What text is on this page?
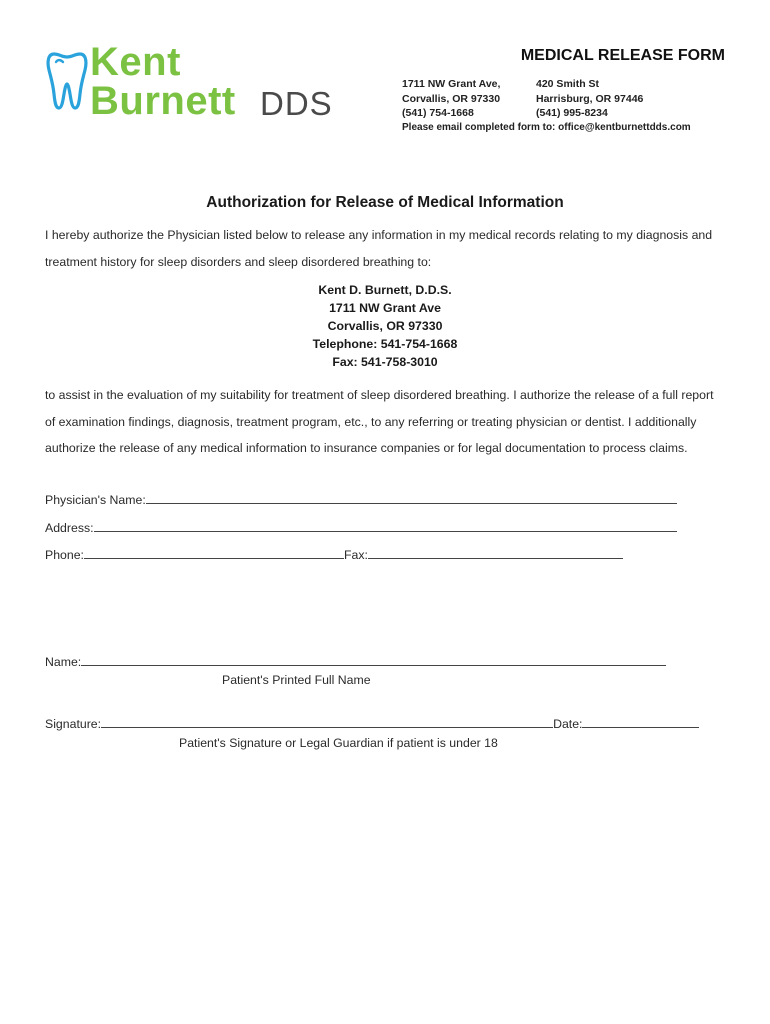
Kent
Burnett DDS
MEDICAL RELEASE FORM
1711 NW Grant Ave,
Corvallis, OR 97330
(541) 754-1668
420 Smith St
Harrisburg, OR 97446
(541) 995-8234
Please email completed form to: office@kentburnettdds.com
Authorization for Release of Medical Information
I hereby authorize the Physician listed below to release any information in my medical records relating to my diagnosis and
treatment history for sleep disorders and sleep disordered breathing to:
Kent D. Burnett, D.D.S.
1711 NW Grant Ave
Corvallis, OR 97330
Telephone: 541-754-1668
Fax: 541-758-3010
to assist in the evaluation of my suitability for treatment of sleep disordered breathing. I authorize the release of a full report
of examination findings, diagnosis, treatment program, etc., to any referring or treating physician or dentist. I additionally
authorize the release of any medical information to insurance companies or for legal documentation to process claims.
Physician's Name:
Address:
Phone:	Fax:
Name:
Patient's Printed Full Name
Signature:	Date:
Patient's Signature or Legal Guardian if patient is under 18
